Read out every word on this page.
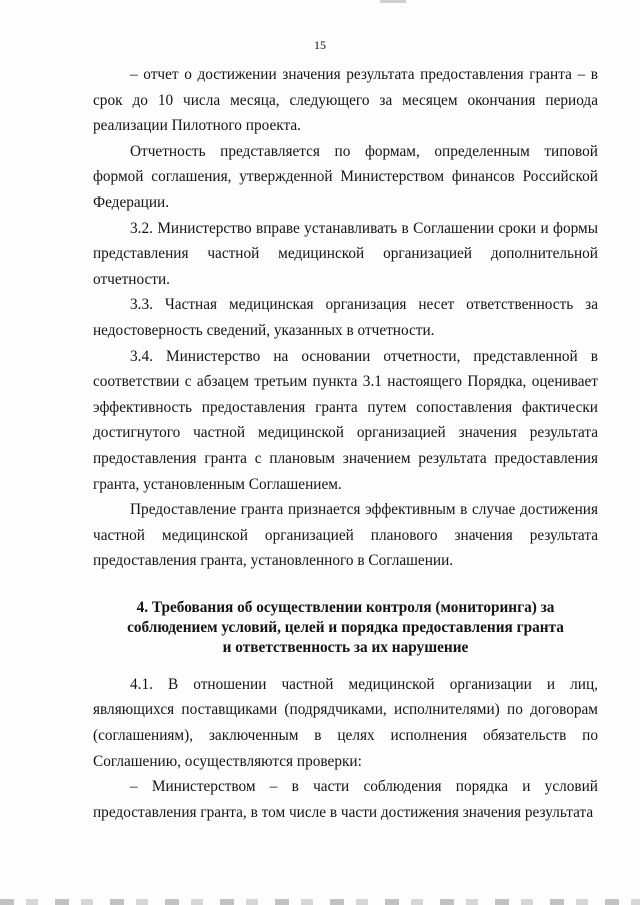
15

– отчет о достижении значения результата предоставления гранта – в срок до 10 числа месяца, следующего за месяцем окончания периода реализации Пилотного проекта.

Отчетность представляется по формам, определенным типовой формой соглашения, утвержденной Министерством финансов Российской Федерации.

3.2. Министерство вправе устанавливать в Соглашении сроки и формы представления частной медицинской организацией дополнительной отчетности.

3.3. Частная медицинская организация несет ответственность за недостоверность сведений, указанных в отчетности.

3.4. Министерство на основании отчетности, представленной в соответствии с абзацем третьим пункта 3.1 настоящего Порядка, оценивает эффективность предоставления гранта путем сопоставления фактически достигнутого частной медицинской организацией значения результата предоставления гранта с плановым значением результата предоставления гранта, установленным Соглашением.

Предоставление гранта признается эффективным в случае достижения частной медицинской организацией планового значения результата предоставления гранта, установленного в Соглашении.

4. Требования об осуществлении контроля (мониторинга) за

соблюдением условий, целей и порядка предоставления гранта

и ответственность за их нарушение

4.1. В отношении частной медицинской организации и лиц, являющихся поставщиками (подрядчиками, исполнителями) по договорам (соглашениям), заключенным в целях исполнения обязательств по Соглашению, осуществляются проверки:

– Министерством – в части соблюдения порядка и условий предоставления гранта, в том числе в части достижения значения результата
